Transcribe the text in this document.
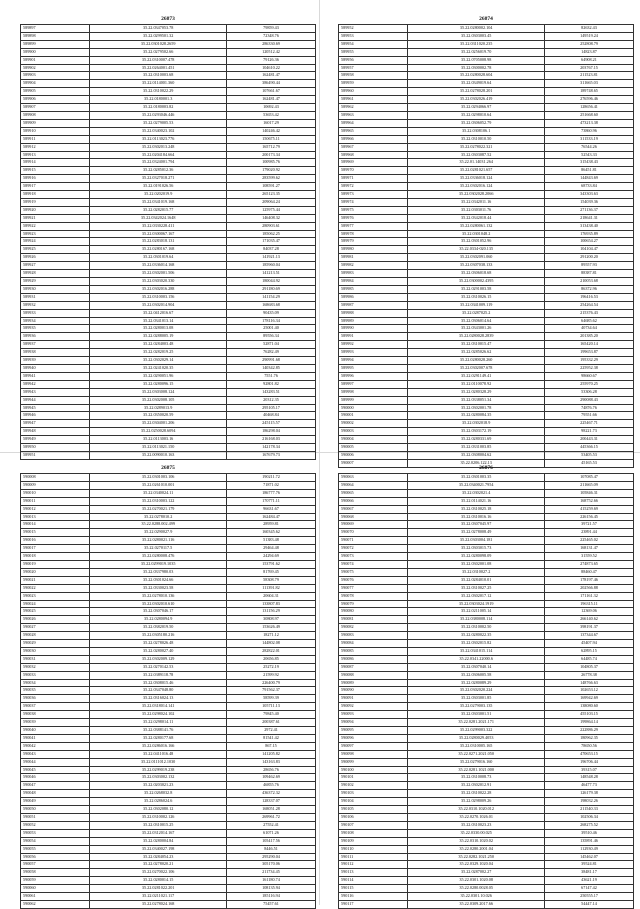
26873
589897	35.22.0347053.78	79859.43
589898	35.22.0299501.32	72348.76
589899	35.22.0301028.2659	286330.69
589900	35.22.0279502.66	120512.42
589901	35.22.0310007.478	79126.36
589902	35.22.0264001.451	104610.22
589903	35.22.0310003.68	162481.47
589904	35.22.0114001.360	386490.44
589905	35.22.0310022.29	107661.67
589906	35.22.0180001.3	162481.47
589907	35.22.0180003.82	10692.43
589908	35.22.0293046.446	53653.42
589909	35.22.0279005.53	16017.29
589910	35.22.0340023.102	140246.42
589911	35.22.0113023.776	150675.11
589912	35.22.0302013.248	165712.79
589913	35.22.0204184.664	200173.34
589914	35.22.0324001.794	100985.76
589915	35.22.0285012.36	179020.92
589916	35.22.0327018.271	283599.62
589917	35.22.0191026.56	108591.27
589918	35.22.0202019.9	265123.35
589919	35.22.0341019.168	209064.24
589920	35.22.0282015.77	125975.44
589921	35.22.0342024.1648	146408.32
589922	35.22.0330228.411	280903.61
589923	35.22.0300067.167	185062.25
589924	35.22.0283018.131	171035.47
589925	35.22.0280167.168	84037.28
589926	35.22.0301019.64	141921.13
589927	35.22.0336014.168	185960.04
589928	35.22.0302001.506	141213.51
589929	35.22.0303020.330	180044.92
589930	35.22.0302016.288	291180.69
589931	35.22.0310003.156	141154.29
589932	35.22.0302014.904	168683.68
589933	35.22.0412016.67	90435.09
589934	35.22.0341013.14	178116.34
589935	35.22.0280013.08	25001.40
589936	35.22.0288005.19	89556.34
589937	35.22.0284003.48	52871.04
589938	35.22.0282019.25	76282.49
589939	35.22.0302029.14	290991.68
589940	35.22.0241020.35	140342.85
589941	35.22.0290051.96	7551.76
589942	35.22.0280096.15	92801.82
589943	35.22.0303008.124	143283.51
589944	35.22.0302008.105	20312.35
589945	35.22.0289013.9	295105.17
589946	35.22.0350020.59	40468.84
589947	35.22.0304001.206	245115.57
589948	35.22.0250028.6094	186298.04
589949	35.22.0113003.16	216168.03
589950	35.22.0113021.150	142178.34
589951	35.22.0090010.163	167679.73
26874
589952	35.22.0280002.104	82632.43
589953	35.22.0303003.45	149519.24
589954	35.22.0311020.235	252808.79
589955	35.22.0256019.70	14823.87
589956	35.22.0705008.98	64908.21
589957	35.22.0300002.78	203767.15
589958	35.22.0280028.604	211523.81
589959	35.22.0349019.64	311665.03
589960	35.22.0278028.201	189748.65
589961	35.22.0302026.419	276596.46
589962	35.22.0294066.97	128656.41
589963	35.22.0298010.64	251668.60
589964	35.22.0306052.79	473213.38
589965	35.22.0308106.1	73860.96
589966	35.22.0310010.50	311533.19
589967	35.22.0278022.321	76544.26
589968	35.22.0303087.52	52543.33
589969	35.22.01.14031.264	315438.43
589970	35.22.0281021.657	86451.81
589971	35.22.0336018.124	144843.69
589972	35.22.0302016.124	68733.84
589973	35.22.0302028.2066	343303.63
589974	35.22.0342011.16	154039.36
589975	35.22.0303011.76	271136.37
589976	35.22.0342018.44	218641.31
589977	35.22.0280061.132	313438.40
589978	35.22.0301048.2	176935.89
589979	35.22.0301052.96	100654.27
589980	35.22.0334-020.135	104104.47
589981	35.22.0302091.060	291200.20
589982	35.22.0307038.133	89557.93
589983	35.22.0306018.68	88387.81
589984	35.22.0300002.4395	210053.68
589985	35.22.0291003.58	86372.96
589986	35.22.0310026.15	196416.53
589987	35.22.0341009.119	254264.54
589988	35.22.0287025.2	215376.43
589989	35.22.0306014.64	64685.62
589990	35.22.0343001.26	40734.64
589991	35.22.0280028.2839	201385.20
589992	35.22.0310015.47	165420.14
589993	35.22.0285026.62	199653.87
589994	35.22.0280028.260	195332.29
589995	35.22.0302007.678	225952.38
589996	35.22.0291149.41	98660.67
589997	35.22.0110078.92	255970.25
589998	35.22.0280328.29	53306.28
589999	35.22.0338051.34	290088.43
590000	35.22.0302001.78	74876.76
590001	35.22.0280084.35	79551.66
590002	35.22.0302018.9	225467.71
590003	35.22.0303172.19	98221.73
590004	35.22.0280331.69	200443.31
590005	35.22.0331003.85	445366.15
590006	35.22.0308004.62	53405.53
590007	35.22.0206.122.13	45165.53
26875
590008	35.22.0301003.106	190211.72
590009	35.22.0261010.001	71871.02
590010	35.22.0340024.11	186777.76
590011	35.22.0310003.122	170771.11
590012	35.22.0270021.179	96631.67
590013	35.22.0278010.2	162484.47
590014	35.22.0288.002.499	28959.81
590015	35.22.0290027.9	160345.62
590016	35.22.0280021.116	51383.48
590017	35.22.0270117.5	29464.48
590018	35.22.0280008.476	24294.69
590019	35.22.0299019.1035	153791.62
590020	35.22.0337980.03	81769.45
590021	35.22.0301024.66	58308.79
590022	35.22.0330023.58	111391.82
590023	35.22.0278010.136	20604.31
590024	35.22.0302010.610	133807.83
590025	35.22.0307046.17	131156.29
590026	35.22.0280094.9	30808.97
590027	35.22.0382019.50	153626.49
590028	35.22.0305180.216	18271.12
590029	35.22.0278026.48	144802.08
590030	35.22.0280027.40	282822.01
590031	35.22.0302009.129	20656.85
590032	35.22.0270142.53	25272.19
590033	35.22.0389118.78	21599.92
590034	35.22.0308015.46	226400.79
590035	35.22.0347048.80	791562.37
590036	35.22.0316024.13	58599.39
590037	35.22.0318014.141	105711.13
590038	35.22.0298024.102	79845.40
590039	35.22.0298014.11	200387.61
590040	35.22.0388141.76	2972.41
590041	35.22.0280177.68	81541.42
590042	35.22.0286016.166	867.15
590043	35.22.0411016.48	141205.82
590044	35.22.0111012.1030	143163.83
590045	35.22.0299019.238	28656.76
590046	35.22.0303002.132	109462.69
590047	35.22.0203021.23	46855.76
590048	35.22.0268032.8	436372.32
590049	35.22.0286024.6	128337.07
590050	35.22.0302080.12	168051.28
590051	35.22.0310002.126	269961.72
590052	35.22.0310015.25	27552.41
590053	35.22.0312014.167	61071.26
590054	35.22.0280004.84	105417.56
590055	35.22.0340027.198	8446.51
590056	35.22.0284054.23	295290.04
590057	35.22.0278020.21	305170.06
590058	35.22.0270022.106	211734.45
590059	35.22.0280014.15	161180.74
590060	35.22.0281022.201	108135.94
590061	35.22.0211021.117	185116.94
590062	35.22.0278024.168	75457.61
26876
590063	35.22.0301003.35	107085.47
590064	35.22.0340021.7954	211665.09
590065	35.22.0302021.4	105846.31
590066	35.22.0114021.16	168752.66
590067	35.22.0310025.18	415259.69
590068	35.22.0310016.16	226156.45
590069	35.22.0307045.97	39721.57
590070	35.22.0278008.49	23891.44
590071	35.22.0303004.181	225465.02
590072	35.22.0303015.73	168131.47
590073	35.22.0280098.09	31559.52
590074	35.22.0302001.08	274873.65
590075	35.22.0310027.2	88460.47
590076	35.22.0284010.01	178197.46
590077	35.22.0310027.25	202566.88
590078	35.22.0302017.12	171161.32
590079	35.22.0303024.1919	196315.11
590080	35.22.0211005.14	12369.06
590081	35.22.0380008.114	266140.62
590082	35.22.0310002.50	398191.37
590083	35.22.0280022.35	137344.67
590084	35.22.0302015.82	45407.94
590085	35.22.0341015.114	62895.15
590086	35.22.0341.22000.6	64485.74
590087	35.22.0307040.14	104805.37
590088	35.22.0306005.58	26778.38
590089	35.22.0280089.29	148766.63
590090	35.22.0302020.224	102653.12
590091	35.22.0303001.85	169942.69
590092	35.22.0279003.135	138080.60
590093	35.22.0303001.51	455103.15
590094	35.22.0281.2021.171	199864.14
590095	35.22.0299003.322	222886.29
590096	35.22.0280029.4053	180962.35
590097	35.22.0310005.165	78650.56
590098	35.22.0271.2021.050	470653.15
590099	35.22.0279016.160	196706.44
590100	35.22.0281.1021.000	39315.07
590101	35.22.0310008.73	148548.28
590102	35.22.0302012.91	46477.73
590103	35.22.0310022.28	126179.38
590104	35.22.0298009.26	198032.26
590105	35.22.0310.1020.012	211540.33
590106	35.22.0270.1026.01	102506.34
590107	35.22.0310023.23	268275.52
590108	35.22.0330.00.025	39510.46
590109	35.22.0310.1020.02	135891.46
590110	35.22.0280.2001.04	112930.49
590111	35.22.0282.1021.250	145462.07
590112	35.22.0329.1020.04	39524.81
590113	35.22.0287002.27	38481.17
590114	35.22.0301.1020.08	43621.19
590115	35.22.0280.0028.05	67147.42
590116	35.22.0301.10.026	250555.17
590117	35.22.0309.2017.66	54447.14
